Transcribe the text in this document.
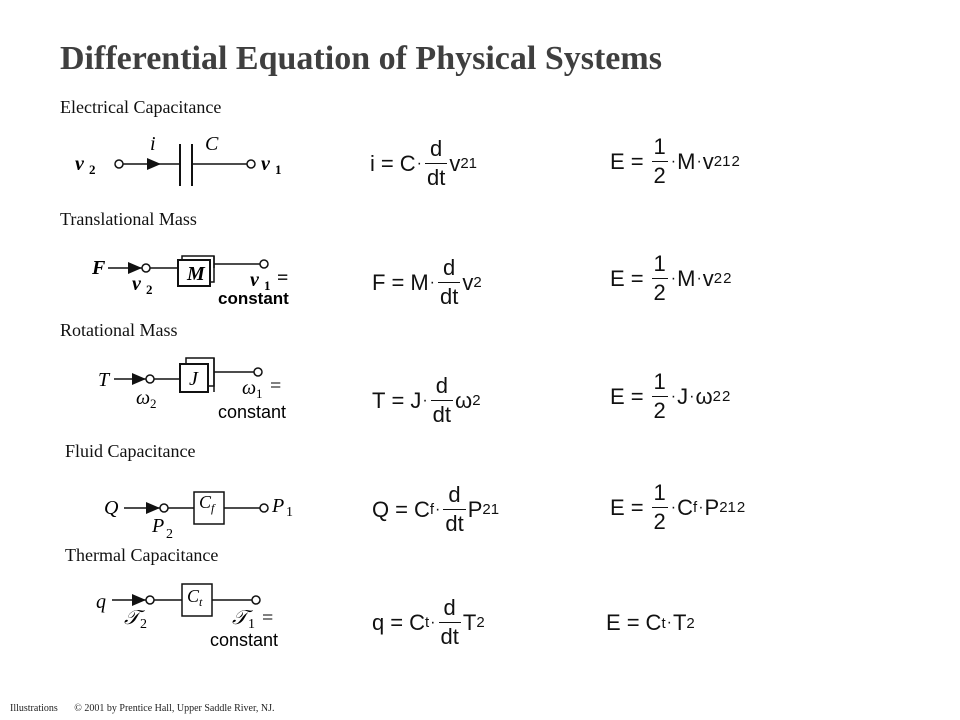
Differential Equation of Physical Systems
Electrical Capacitance
v 2
i C
v 1	$i = C \cdot \frac{d}{dt}$ v 21	$E = \frac{1}{2} \cdot M \cdot v$ 21 2
Translational Mass
F
v 2
M v 1 =
constant
$F = M \cdot \frac{d}{dt}$ v 2	$E = \frac{1}{2} \cdot M \cdot v$ 2 2
Rotational Mass
T
ω 2
J ω 1 =
constant	$T = J \cdot \frac{d}{dt}$ ω 2	$E = \frac{1}{2} \cdot J \cdot \omega$ 2 2
Fluid Capacitance
Q
P 2
C f	P 1	Q = C $f \cdot \frac{d}{dt}$ P 21	$E = \frac{1}{2} \cdot C$ f · P 21 2
Thermal Capacitance
q
𝒯 2
C t
𝒯 1 =
constant
q = C $t \cdot \frac{d}{dt}$ T 2	E = C t · T 2
Illustrations © 2001 by Prentice Hall, Upper Saddle River, NJ.
